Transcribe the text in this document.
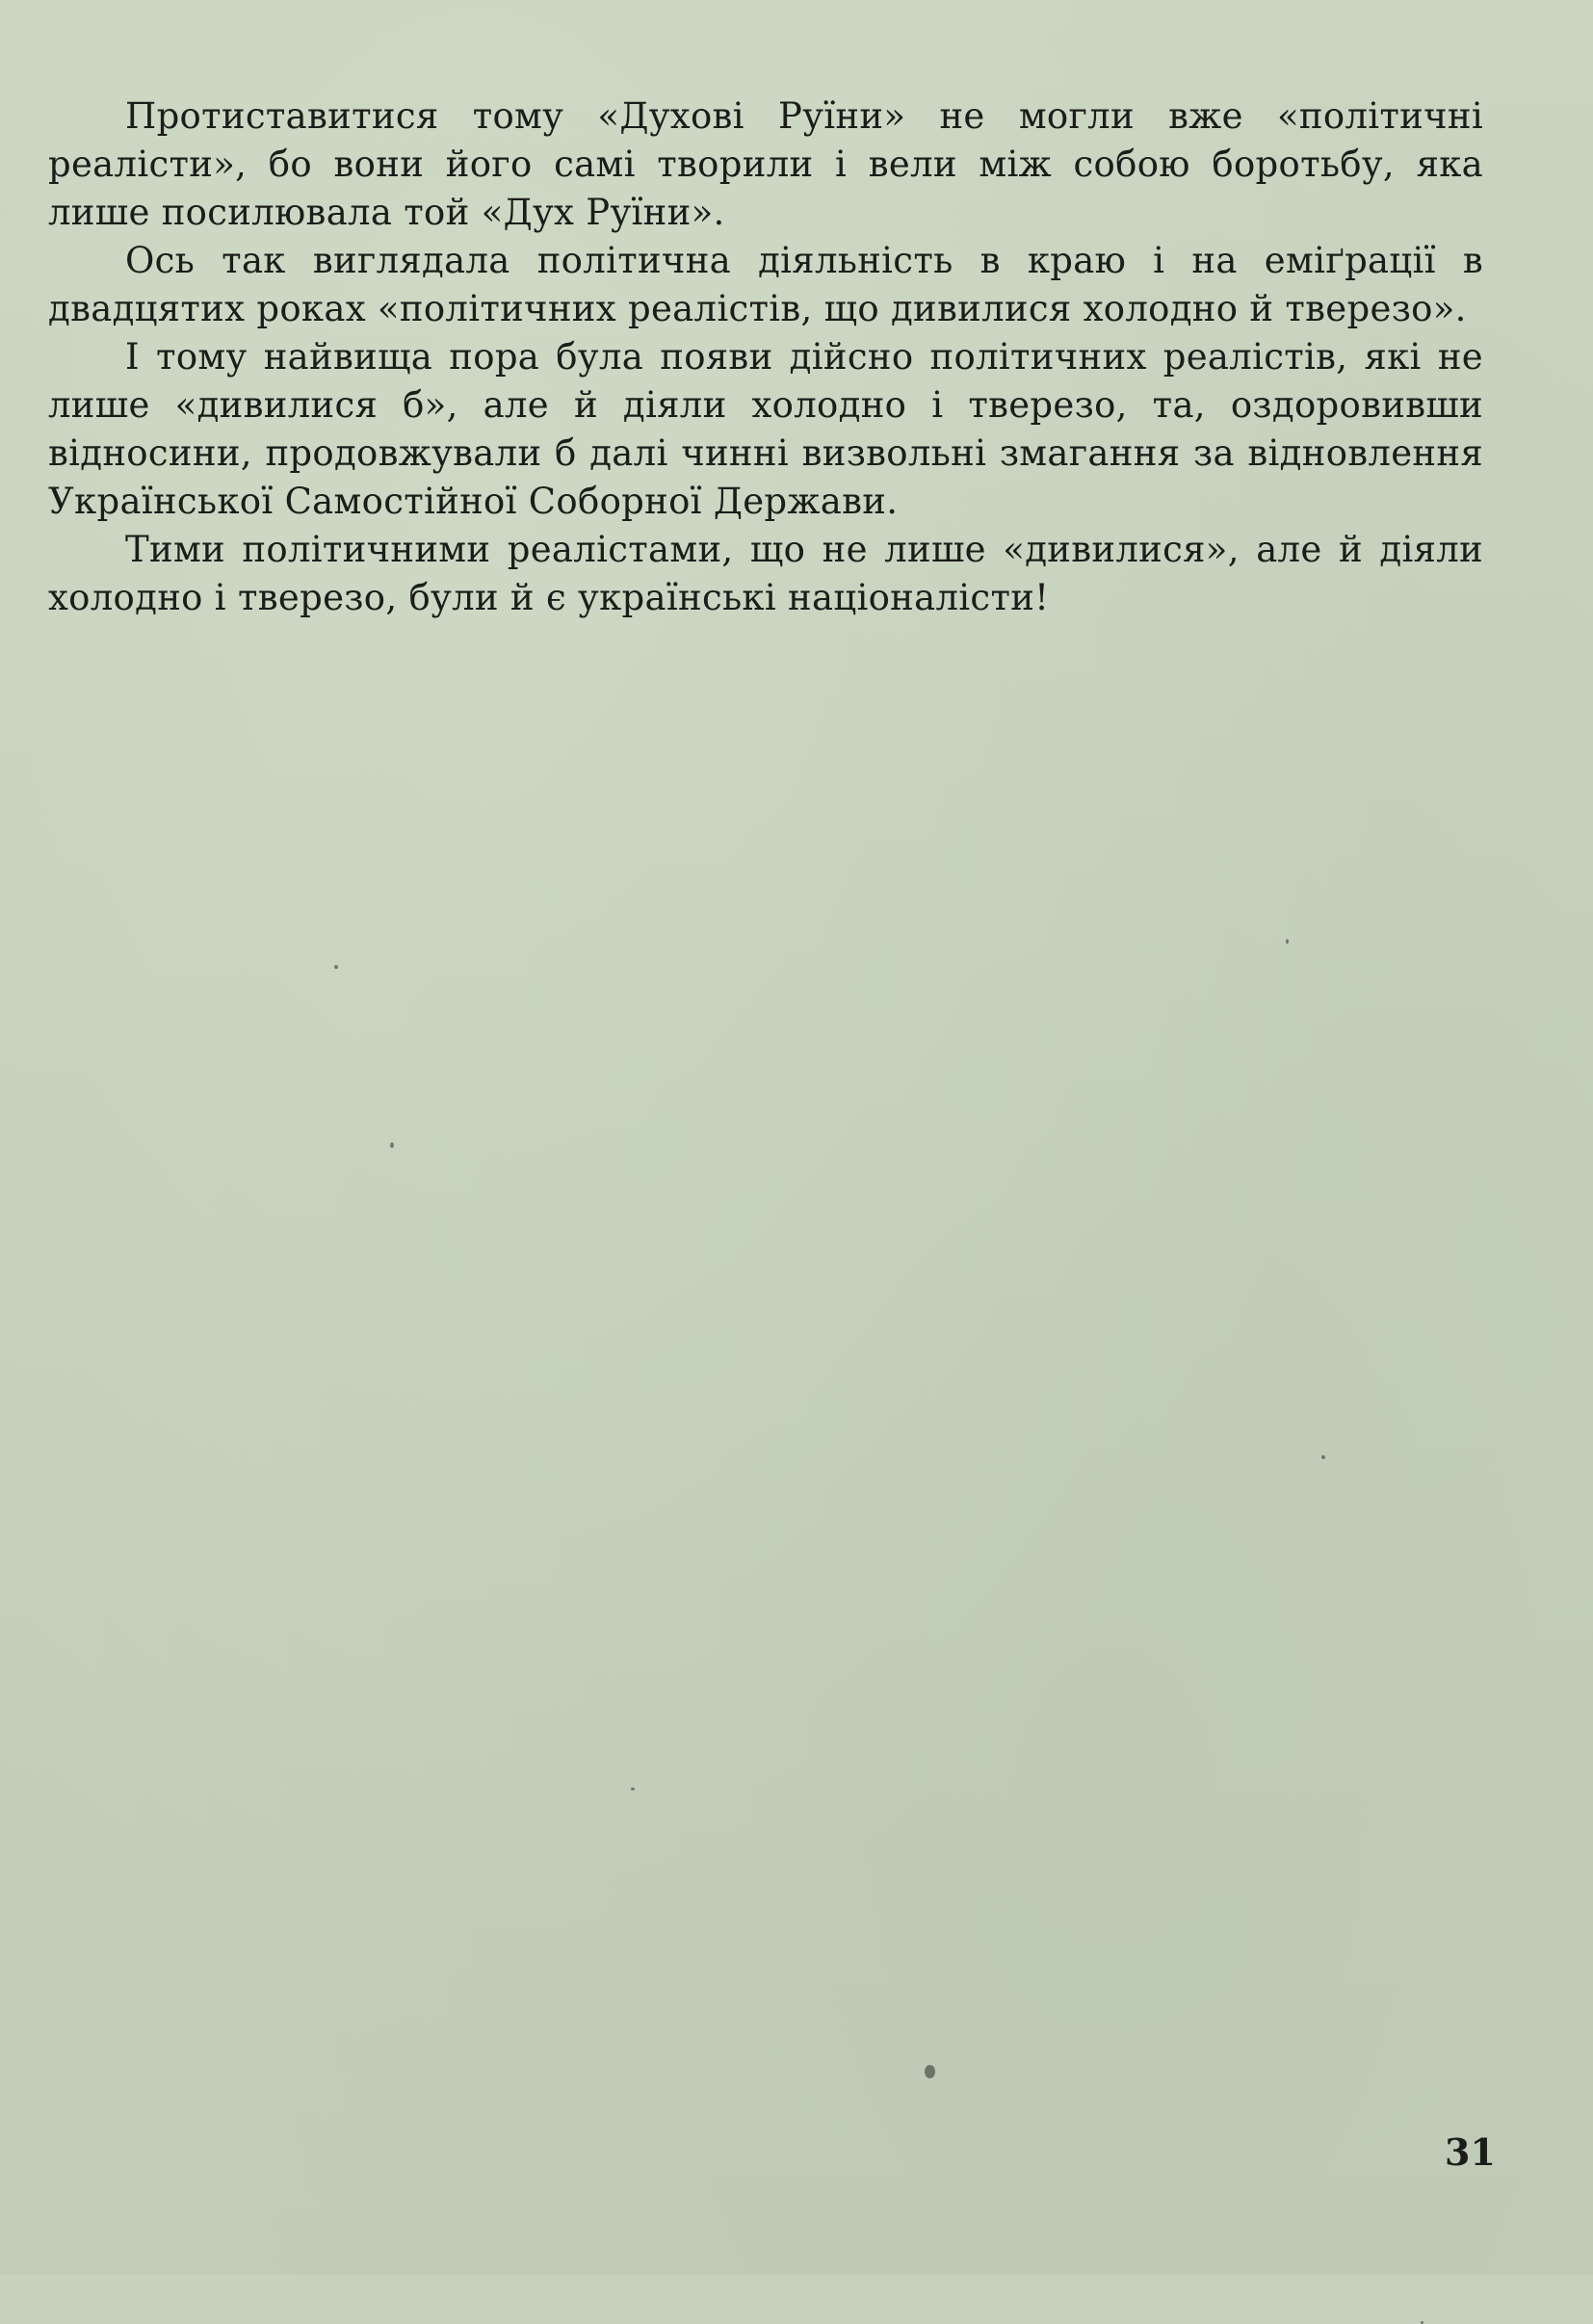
Протиставитися тому «Духові Руїни» не могли вже «політичні реалісти», бо вони його самі творили і вели між собою боротьбу, яка лише посилювала той «Дух Руїни».

Ось так виглядала політична діяльність в краю і на еміґрації в двадцятих роках «політичних реалістів, що дивилися холодно й тверезо».

І тому найвища пора була появи дійсно політичних реалістів, які не лише «дивилися б», але й діяли холодно і тверезо, та, оздоровивши відносини, продовжували б далі чинні визвольні змагання за відновлення Української Самостійної Соборної Держави.

Тими політичними реалістами, що не лише «дивилися», але й діяли холодно і тверезо, були й є українські націоналісти!

31
